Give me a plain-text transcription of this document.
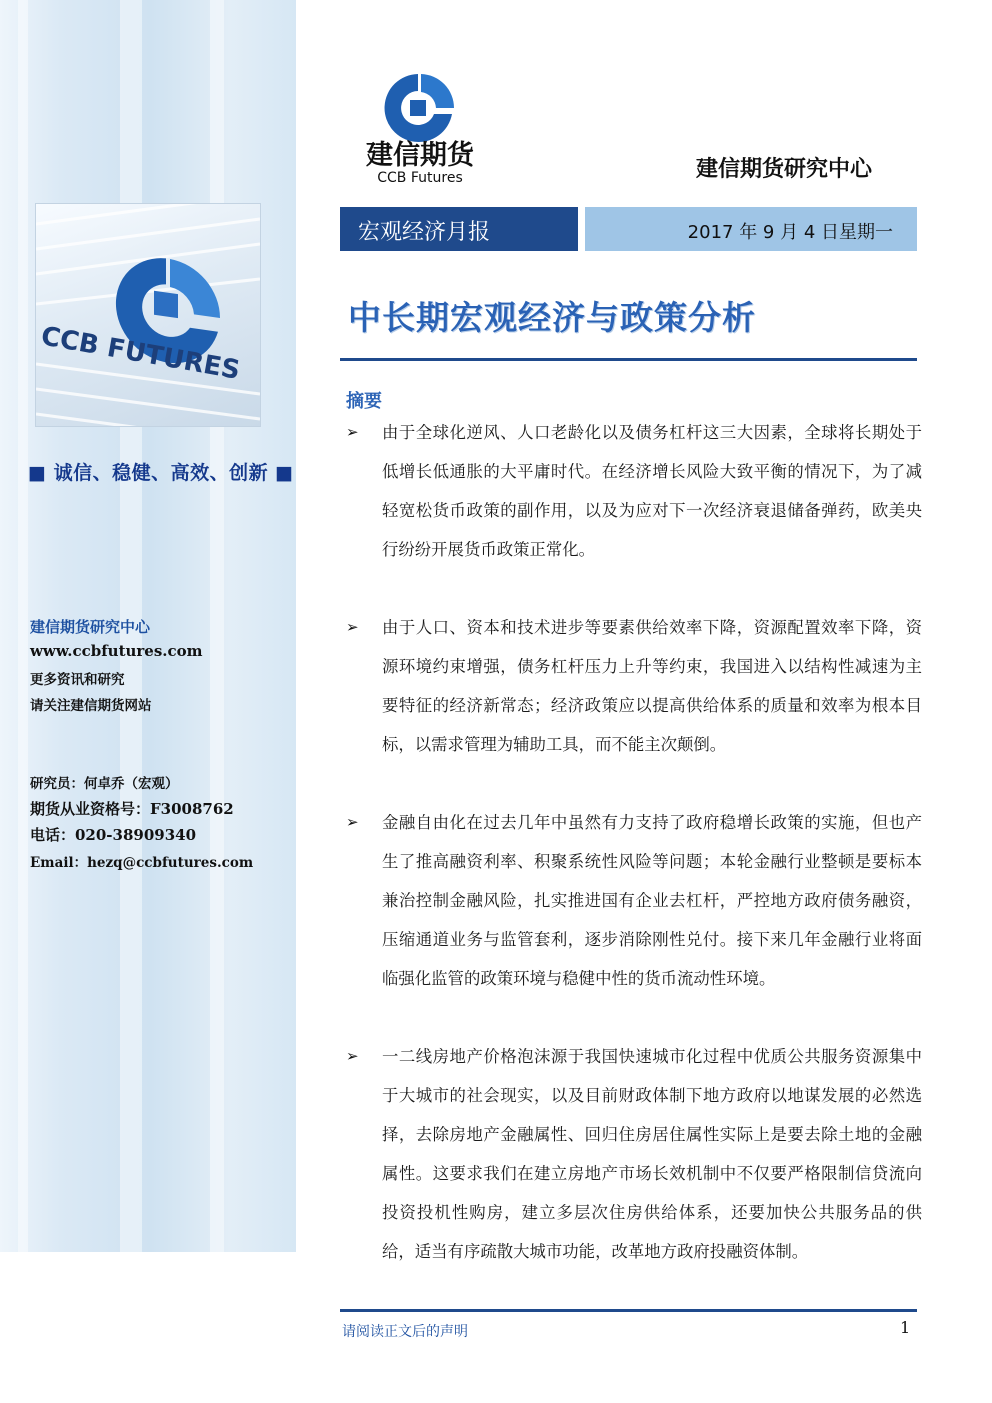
CCB FUTURES
■ 诚信、稳健、高效、创新 ■
建信期货研究中心
www.ccbfutures.com
更多资讯和研究
请关注建信期货网站
研究员：何卓乔（宏观）
期货从业资格号：F3008762
电话：020-38909340
Email：hezq@ccbfutures.com
建信期货
CCB Futures	建信期货研究中心
宏观经济月报	2017 年 9 月 4 日星期一
中长期宏观经济与政策分析
摘要
➢ 由于全球化逆风、人口老龄化以及债务杠杆这三大因素，全球将长期处于低增长低通胀的大平庸时代。在经济增长风险大致平衡的情况下，为了减轻宽松货币政策的副作用，以及为应对下一次经济衰退储备弹药，欧美央行纷纷开展货币政策正常化。
➢ 由于人口、资本和技术进步等要素供给效率下降，资源配置效率下降，资源环境约束增强，债务杠杆压力上升等约束，我国进入以结构性减速为主要特征的经济新常态；经济政策应以提高供给体系的质量和效率为根本目标，以需求管理为辅助工具，而不能主次颠倒。
➢ 金融自由化在过去几年中虽然有力支持了政府稳增长政策的实施，但也产生了推高融资利率、积聚系统性风险等问题；本轮金融行业整顿是要标本兼治控制金融风险，扎实推进国有企业去杠杆，严控地方政府债务融资，压缩通道业务与监管套利，逐步消除刚性兑付。接下来几年金融行业将面临强化监管的政策环境与稳健中性的货币流动性环境。
➢ 一二线房地产价格泡沫源于我国快速城市化过程中优质公共服务资源集中于大城市的社会现实，以及目前财政体制下地方政府以地谋发展的必然选择，去除房地产金融属性、回归住房居住属性实际上是要去除土地的金融属性。这要求我们在建立房地产市场长效机制中不仅要严格限制信贷流向投资投机性购房，建立多层次住房供给体系，还要加快公共服务品的供给，适当有序疏散大城市功能，改革地方政府投融资体制。
请阅读正文后的声明	1
